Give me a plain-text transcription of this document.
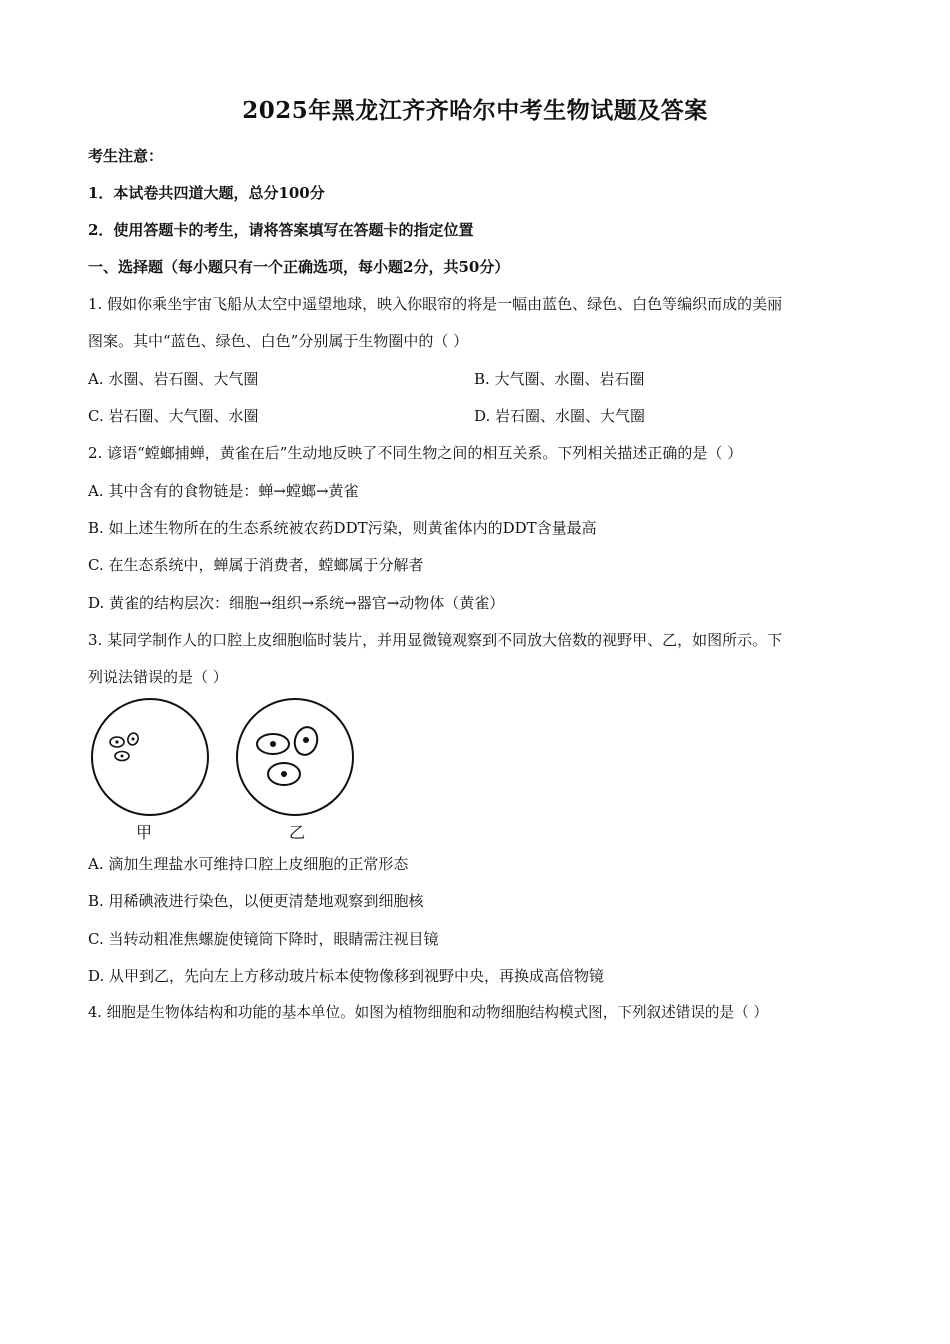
2025年黑龙江齐齐哈尔中考生物试题及答案
考生注意：
1．本试卷共四道大题，总分100分
2．使用答题卡的考生，请将答案填写在答题卡的指定位置
一、选择题（每小题只有一个正确选项，每小题2分，共50分）
1. 假如你乘坐宇宙飞船从太空中遥望地球，映入你眼帘的将是一幅由蓝色、绿色、白色等编织而成的美丽
图案。其中“蓝色、绿色、白色”分别属于生物圈中的（ ）
A. 水圈、岩石圈、大气圈	B. 大气圈、水圈、岩石圈
C. 岩石圈、大气圈、水圈	D. 岩石圈、水圈、大气圈
2. 谚语“螳螂捕蝉，黄雀在后”生动地反映了不同生物之间的相互关系。下列相关描述正确的是（ ）
A. 其中含有的食物链是：蝉→螳螂→黄雀
B. 如上述生物所在的生态系统被农药DDT污染，则黄雀体内的DDT含量最高
C. 在生态系统中，蝉属于消费者，螳螂属于分解者
D. 黄雀的结构层次：细胞→组织→系统→器官→动物体（黄雀）
3. 某同学制作人的口腔上皮细胞临时装片，并用显微镜观察到不同放大倍数的视野甲、乙，如图所示。下
列说法错误的是（ ）
甲	乙
A. 滴加生理盐水可维持口腔上皮细胞的正常形态
B. 用稀碘液进行染色，以便更清楚地观察到细胞核
C. 当转动粗准焦螺旋使镜筒下降时，眼睛需注视目镜
D. 从甲到乙，先向左上方移动玻片标本使物像移到视野中央，再换成高倍物镜
4. 细胞是生物体结构和功能的基本单位。如图为植物细胞和动物细胞结构模式图，下列叙述错误的是（ ）
